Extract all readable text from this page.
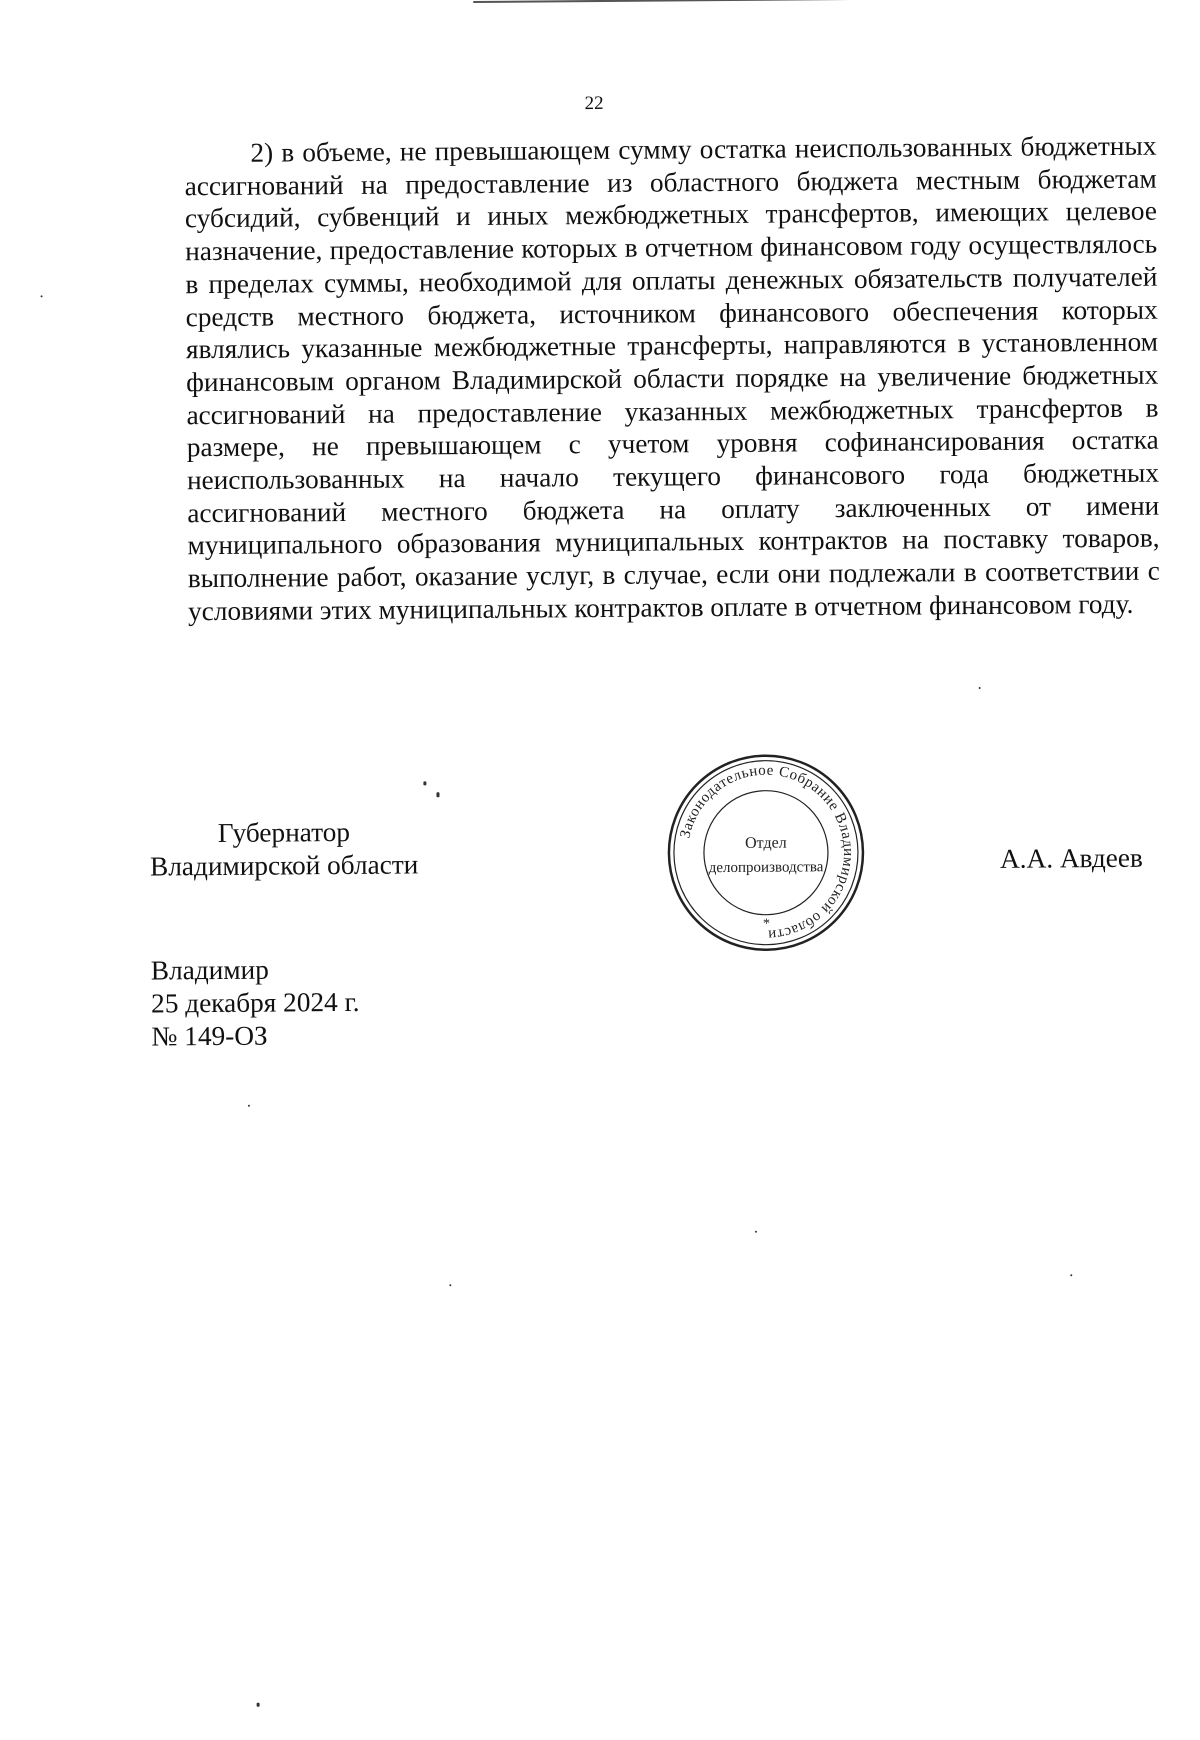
22

2) в объеме, не превышающем сумму остатка неиспользованных бюджетных ассигнований на предоставление из областного бюджета местным бюджетам субсидий, субвенций и иных межбюджетных трансфертов, имеющих целевое назначение, предоставление которых в отчетном финансовом году осуществлялось в пределах суммы, необходимой для оплаты денежных обязательств получателей средств местного бюджета, источником финансового обеспечения которых являлись указанные межбюджетные трансферты, направляются в установленном финансовым органом Владимирской области порядке на увеличение бюджетных ассигнований на предоставление указанных межбюджетных трансфертов в размере, не превышающем с учетом уровня софинансирования остатка неиспользованных на начало текущего финансового года бюджетных ассигнований местного бюджета на оплату заключенных от имени муниципального образования муниципальных контрактов на поставку товаров, выполнение работ, оказание услуг, в случае, если они подлежали в соответствии с условиями этих муниципальных контрактов оплате в отчетном финансовом году.

Губернатор
Владимирской области
Законодательное Собрание Владимирской области
*
Отдел
делопроизводства	А.А. Авдеев
Владимир
25 декабря 2024 г.
№ 149-ОЗ
